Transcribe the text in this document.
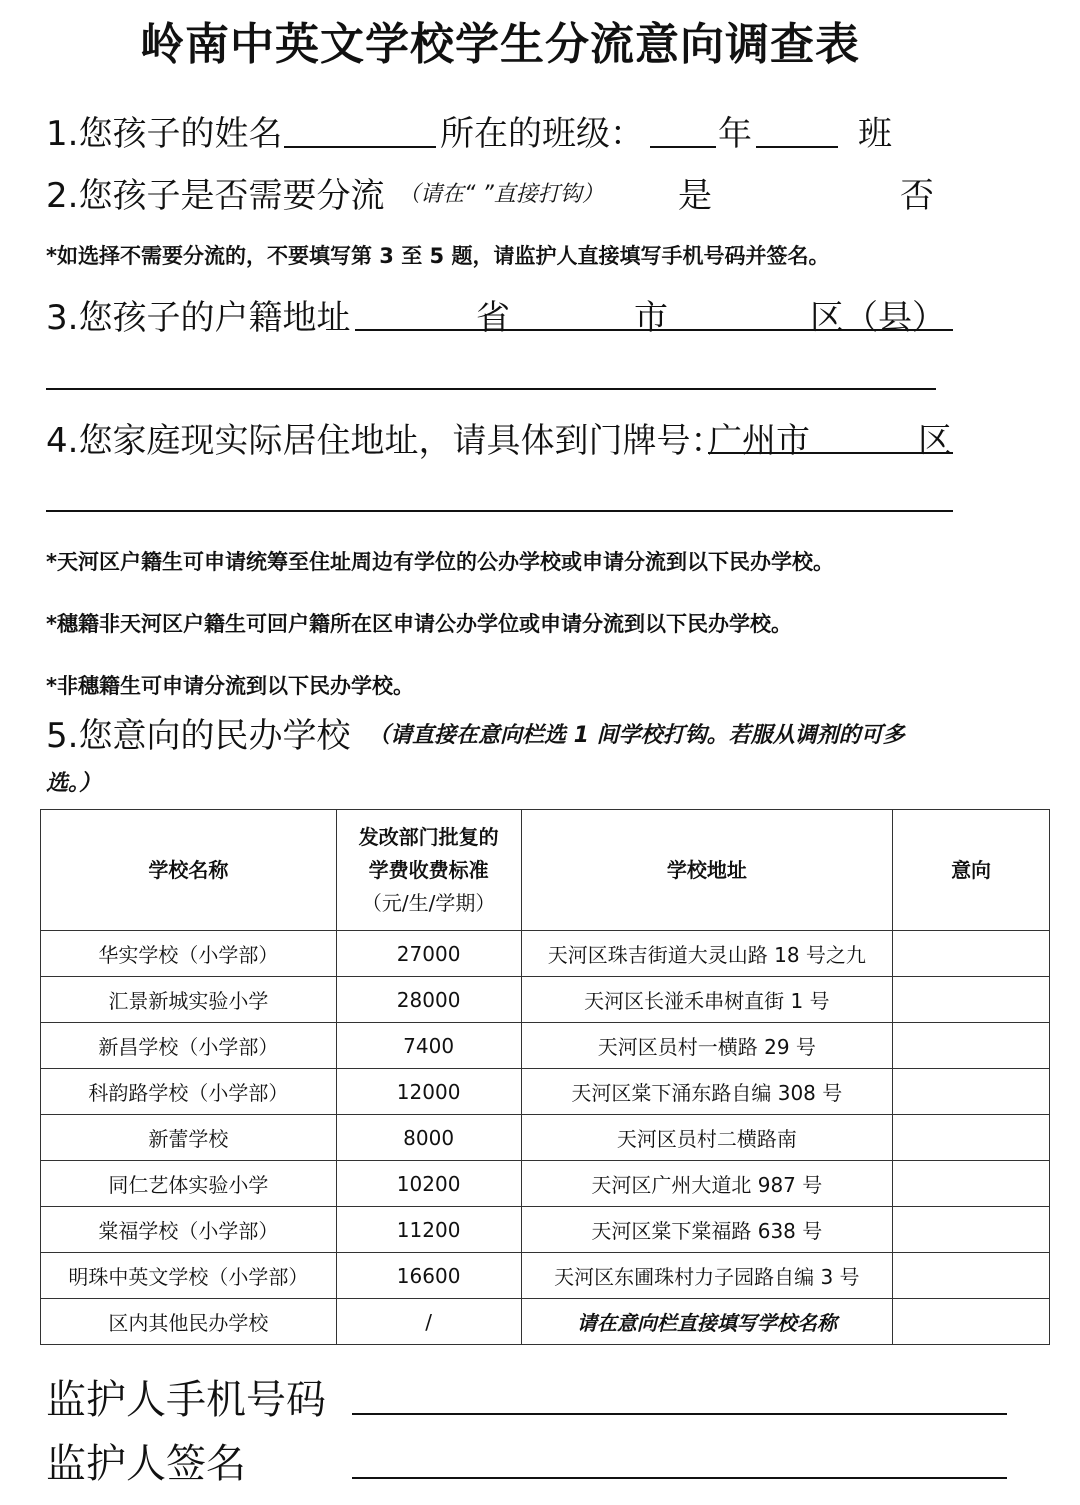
岭南中英文学校学生分流意向调查表
1.您孩子的姓名	所在的班级： 年	班
2.您孩子是否需要分流 （请在“ ”直接打钩） 是	否
*如选择不需要分流的，不要填写第 3 至 5 题，请监护人直接填写手机号码并签名。
3.您孩子的户籍地址	省	市	区（县）
4.您家庭现实际居住地址，请具体到门牌号：
广州市	区
*天河区户籍生可申请统筹至住址周边有学位的公办学校或申请分流到以下民办学校。
*穗籍非天河区户籍生可回户籍所在区申请公办学位或申请分流到以下民办学校。
*非穗籍生可申请分流到以下民办学校。
5.您意向的民办学校 （请直接在意向栏选 1 间学校打钩。若服从调剂的可多
选。）
学校名称	发改部门批复的
学费收费标准
（元/生/学期）	学校地址	意向
华实学校（小学部）	27000	天河区珠吉街道大灵山路 18 号之九	
汇景新城实验小学	28000	天河区长湴禾串树直街 1 号	
新昌学校（小学部）	7400	天河区员村一横路 29 号	
科韵路学校（小学部）	12000	天河区棠下涌东路自编 308 号	
新蕾学校	8000	天河区员村二横路南	
同仁艺体实验小学	10200	天河区广州大道北 987 号	
棠福学校（小学部）	11200	天河区棠下棠福路 638 号	
明珠中英文学校（小学部）	16600	天河区东圃珠村力子园路自编 3 号	
区内其他民办学校	/	请在意向栏直接填写学校名称	
监护人手机号码
监护人签名
